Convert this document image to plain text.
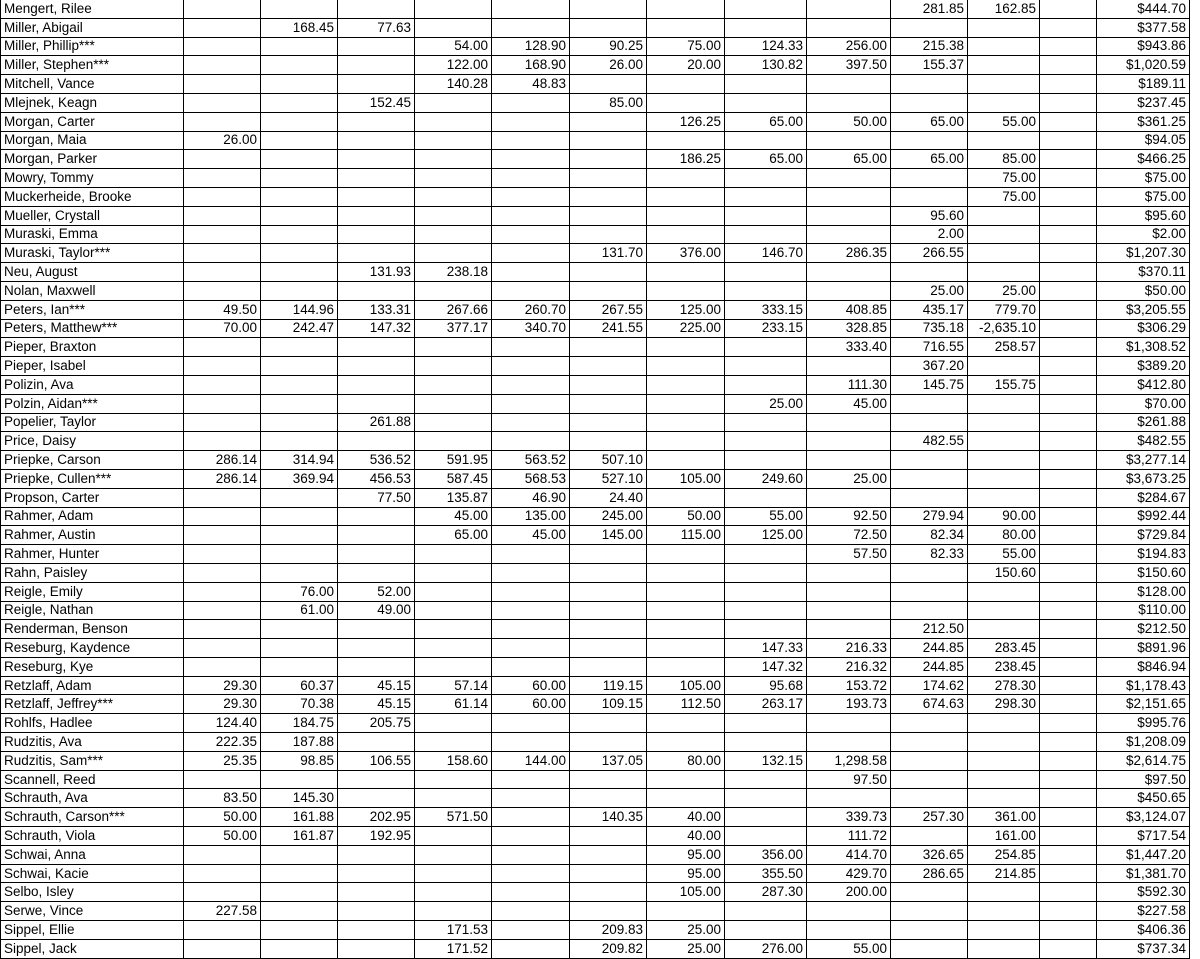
Mengert, Rilee										281.85	162.85		$444.70
Miller, Abigail		168.45	77.63										$377.58
Miller, Phillip***				54.00	128.90	90.25	75.00	124.33	256.00	215.38			$943.86
Miller, Stephen***				122.00	168.90	26.00	20.00	130.82	397.50	155.37			$1,020.59
Mitchell, Vance				140.28	48.83								$189.11
Mlejnek, Keagn			152.45			85.00							$237.45
Morgan, Carter							126.25	65.00	50.00	65.00	55.00		$361.25
Morgan, Maia	26.00												$94.05
Morgan, Parker							186.25	65.00	65.00	65.00	85.00		$466.25
Mowry, Tommy											75.00		$75.00
Muckerheide, Brooke											75.00		$75.00
Mueller, Crystall										95.60			$95.60
Muraski, Emma										2.00			$2.00
Muraski, Taylor***						131.70	376.00	146.70	286.35	266.55			$1,207.30
Neu, August			131.93	238.18									$370.11
Nolan, Maxwell										25.00	25.00		$50.00
Peters, Ian***	49.50	144.96	133.31	267.66	260.70	267.55	125.00	333.15	408.85	435.17	779.70		$3,205.55
Peters, Matthew***	70.00	242.47	147.32	377.17	340.70	241.55	225.00	233.15	328.85	735.18	-2,635.10		$306.29
Pieper, Braxton									333.40	716.55	258.57		$1,308.52
Pieper, Isabel										367.20			$389.20
Polizin, Ava									111.30	145.75	155.75		$412.80
Polzin, Aidan***								25.00	45.00				$70.00
Popelier, Taylor			261.88										$261.88
Price, Daisy										482.55			$482.55
Priepke, Carson	286.14	314.94	536.52	591.95	563.52	507.10							$3,277.14
Priepke, Cullen***	286.14	369.94	456.53	587.45	568.53	527.10	105.00	249.60	25.00				$3,673.25
Propson, Carter			77.50	135.87	46.90	24.40							$284.67
Rahmer, Adam				45.00	135.00	245.00	50.00	55.00	92.50	279.94	90.00		$992.44
Rahmer, Austin				65.00	45.00	145.00	115.00	125.00	72.50	82.34	80.00		$729.84
Rahmer, Hunter									57.50	82.33	55.00		$194.83
Rahn, Paisley											150.60		$150.60
Reigle, Emily		76.00	52.00										$128.00
Reigle, Nathan		61.00	49.00										$110.00
Renderman, Benson										212.50			$212.50
Reseburg, Kaydence								147.33	216.33	244.85	283.45		$891.96
Reseburg, Kye								147.32	216.32	244.85	238.45		$846.94
Retzlaff, Adam	29.30	60.37	45.15	57.14	60.00	119.15	105.00	95.68	153.72	174.62	278.30		$1,178.43
Retzlaff, Jeffrey***	29.30	70.38	45.15	61.14	60.00	109.15	112.50	263.17	193.73	674.63	298.30		$2,151.65
Rohlfs, Hadlee	124.40	184.75	205.75										$995.76
Rudzitis, Ava	222.35	187.88											$1,208.09
Rudzitis, Sam***	25.35	98.85	106.55	158.60	144.00	137.05	80.00	132.15	1,298.58				$2,614.75
Scannell, Reed									97.50				$97.50
Schrauth, Ava	83.50	145.30											$450.65
Schrauth, Carson***	50.00	161.88	202.95	571.50		140.35	40.00		339.73	257.30	361.00		$3,124.07
Schrauth, Viola	50.00	161.87	192.95				40.00		111.72		161.00		$717.54
Schwai, Anna							95.00	356.00	414.70	326.65	254.85		$1,447.20
Schwai, Kacie							95.00	355.50	429.70	286.65	214.85		$1,381.70
Selbo, Isley							105.00	287.30	200.00				$592.30
Serwe, Vince	227.58												$227.58
Sippel, Ellie				171.53		209.83	25.00						$406.36
Sippel, Jack				171.52		209.82	25.00	276.00	55.00				$737.34
